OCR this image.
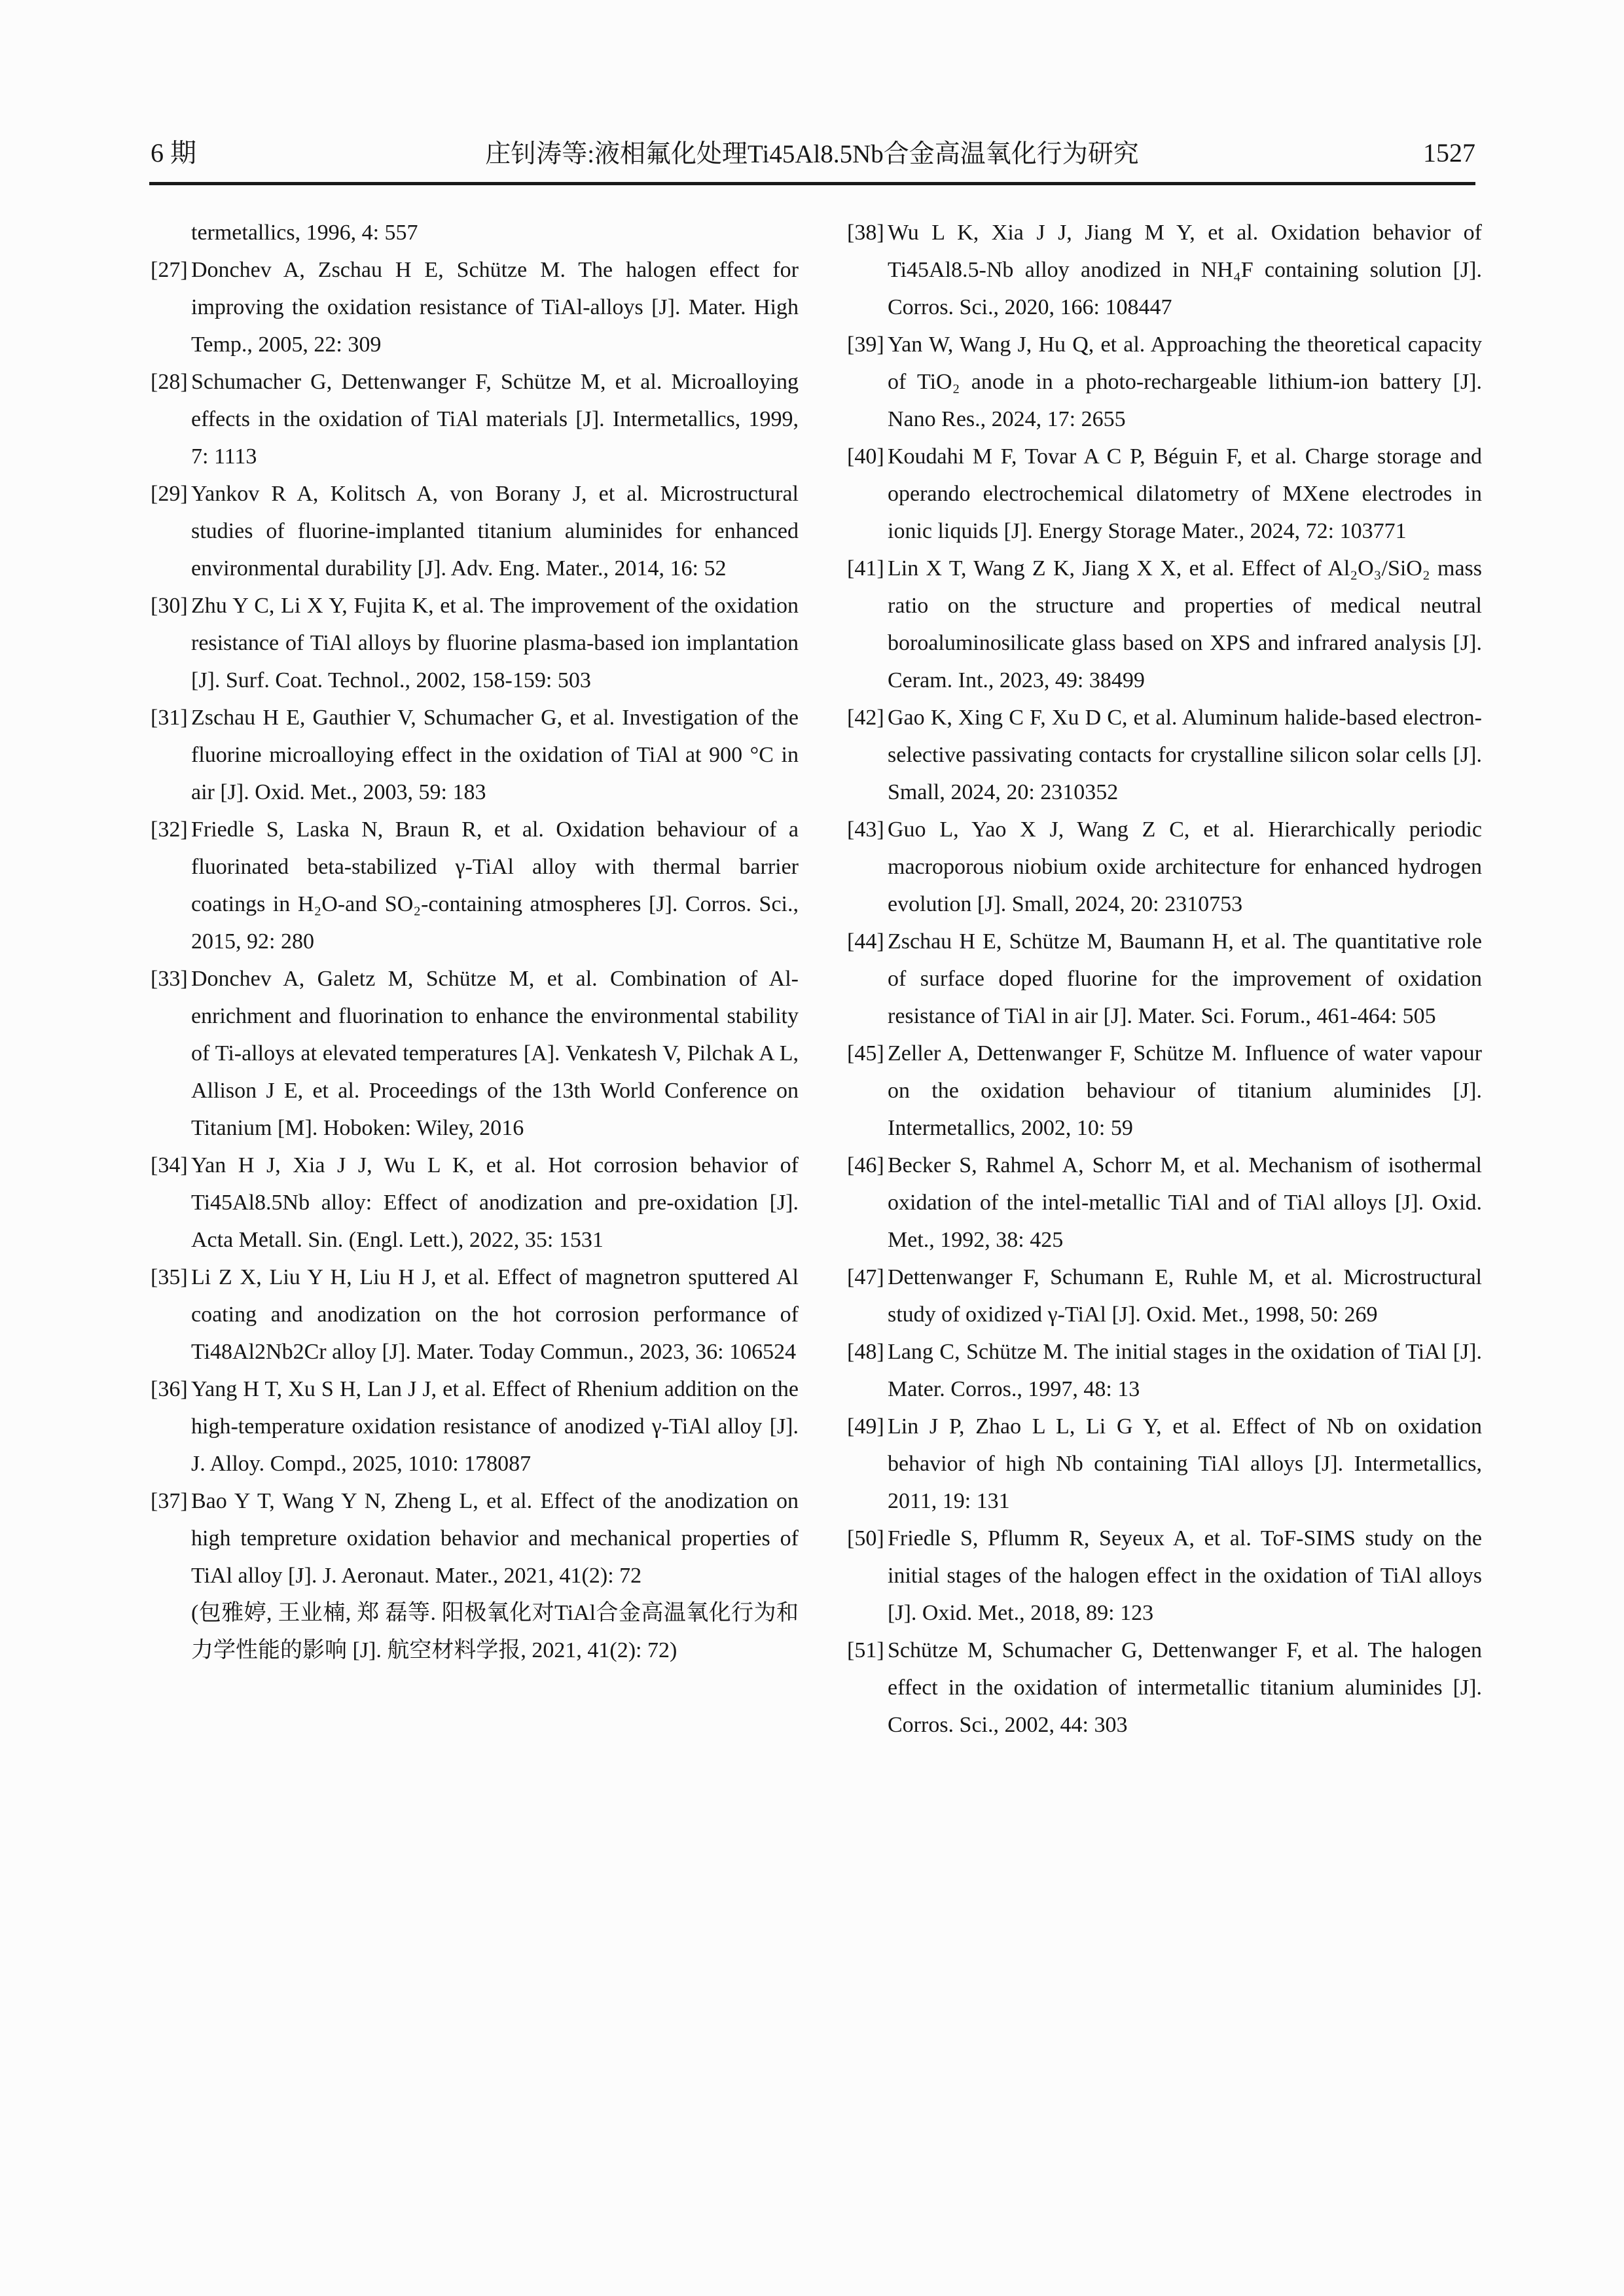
6 期	庄钊涛等:液相氟化处理Ti45Al8.5Nb合金高温氧化行为研究	1527
termetallics, 1996, 4: 557
[27] Donchev A, Zschau H E, Schütze M. The halogen effect for improving the oxidation resistance of TiAl-alloys [J]. Mater. High Temp., 2005, 22: 309
[28] Schumacher G, Dettenwanger F, Schütze M, et al. Microalloying effects in the oxidation of TiAl materials [J]. Intermetallics, 1999, 7: 1113
[29] Yankov R A, Kolitsch A, von Borany J, et al. Microstructural studies of fluorine-implanted titanium aluminides for enhanced environmental durability [J]. Adv. Eng. Mater., 2014, 16: 52
[30] Zhu Y C, Li X Y, Fujita K, et al. The improvement of the oxidation resistance of TiAl alloys by fluorine plasma-based ion implantation [J]. Surf. Coat. Technol., 2002, 158-159: 503
[31] Zschau H E, Gauthier V, Schumacher G, et al. Investigation of the fluorine microalloying effect in the oxidation of TiAl at 900 °C in air [J]. Oxid. Met., 2003, 59: 183
[32] Friedle S, Laska N, Braun R, et al. Oxidation behaviour of a fluorinated beta-stabilized γ-TiAl alloy with thermal barrier coatings in H₂O-and SO₂-containing atmospheres [J]. Corros. Sci., 2015, 92: 280
[33] Donchev A, Galetz M, Schütze M, et al. Combination of Al-enrichment and fluorination to enhance the environmental stability of Ti-alloys at elevated temperatures [A]. Venkatesh V, Pilchak A L, Allison J E, et al. Proceedings of the 13th World Conference on Titanium [M]. Hoboken: Wiley, 2016
[34] Yan H J, Xia J J, Wu L K, et al. Hot corrosion behavior of Ti45Al8.5Nb alloy: Effect of anodization and pre-oxidation [J]. Acta Metall. Sin. (Engl. Lett.), 2022, 35: 1531
[35] Li Z X, Liu Y H, Liu H J, et al. Effect of magnetron sputtered Al coating and anodization on the hot corrosion performance of Ti48Al2Nb2Cr alloy [J]. Mater. Today Commun., 2023, 36: 106524
[36] Yang H T, Xu S H, Lan J J, et al. Effect of Rhenium addition on the high-temperature oxidation resistance of anodized γ-TiAl alloy [J]. J. Alloy. Compd., 2025, 1010: 178087
[37] Bao Y T, Wang Y N, Zheng L, et al. Effect of the anodization on high tempreture oxidation behavior and mechanical properties of TiAl alloy [J]. J. Aeronaut. Mater., 2021, 41(2): 72
(包雅婷, 王业楠, 郑 磊等. 阳极氧化对TiAl合金高温氧化行为和力学性能的影响 [J]. 航空材料学报, 2021, 41(2): 72)
[38] Wu L K, Xia J J, Jiang M Y, et al. Oxidation behavior of Ti45Al8.5-Nb alloy anodized in NH₄F containing solution [J]. Corros. Sci., 2020, 166: 108447
[39] Yan W, Wang J, Hu Q, et al. Approaching the theoretical capacity of TiO₂ anode in a photo-rechargeable lithium-ion battery [J]. Nano Res., 2024, 17: 2655
[40] Koudahi M F, Tovar A C P, Béguin F, et al. Charge storage and operando electrochemical dilatometry of MXene electrodes in ionic liquids [J]. Energy Storage Mater., 2024, 72: 103771
[41] Lin X T, Wang Z K, Jiang X X, et al. Effect of Al₂O₃/SiO₂ mass ratio on the structure and properties of medical neutral boroaluminosilicate glass based on XPS and infrared analysis [J]. Ceram. Int., 2023, 49: 38499
[42] Gao K, Xing C F, Xu D C, et al. Aluminum halide-based electron-selective passivating contacts for crystalline silicon solar cells [J]. Small, 2024, 20: 2310352
[43] Guo L, Yao X J, Wang Z C, et al. Hierarchically periodic macroporous niobium oxide architecture for enhanced hydrogen evolution [J]. Small, 2024, 20: 2310753
[44] Zschau H E, Schütze M, Baumann H, et al. The quantitative role of surface doped fluorine for the improvement of oxidation resistance of TiAl in air [J]. Mater. Sci. Forum., 461-464: 505
[45] Zeller A, Dettenwanger F, Schütze M. Influence of water vapour on the oxidation behaviour of titanium aluminides [J]. Intermetallics, 2002, 10: 59
[46] Becker S, Rahmel A, Schorr M, et al. Mechanism of isothermal oxidation of the intel-metallic TiAl and of TiAl alloys [J]. Oxid. Met., 1992, 38: 425
[47] Dettenwanger F, Schumann E, Ruhle M, et al. Microstructural study of oxidized γ-TiAl [J]. Oxid. Met., 1998, 50: 269
[48] Lang C, Schütze M. The initial stages in the oxidation of TiAl [J]. Mater. Corros., 1997, 48: 13
[49] Lin J P, Zhao L L, Li G Y, et al. Effect of Nb on oxidation behavior of high Nb containing TiAl alloys [J]. Intermetallics, 2011, 19: 131
[50] Friedle S, Pflumm R, Seyeux A, et al. ToF-SIMS study on the initial stages of the halogen effect in the oxidation of TiAl alloys [J]. Oxid. Met., 2018, 89: 123
[51] Schütze M, Schumacher G, Dettenwanger F, et al. The halogen effect in the oxidation of intermetallic titanium aluminides [J]. Corros. Sci., 2002, 44: 303
